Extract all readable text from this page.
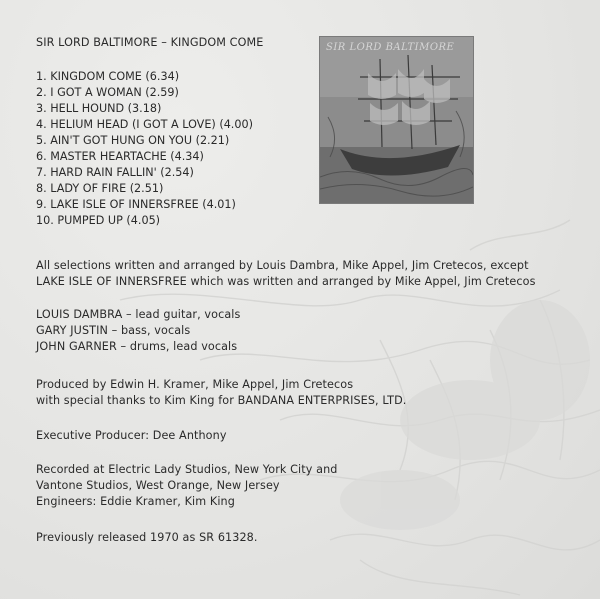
SIR LORD BALTIMORE – KINGDOM COME
1. KINGDOM COME (6.34)
2. I GOT A WOMAN (2.59)
3. HELL HOUND (3.18)
4. HELIUM HEAD (I GOT A LOVE) (4.00)
5. AIN'T GOT HUNG ON YOU (2.21)
6. MASTER HEARTACHE (4.34)
7. HARD RAIN FALLIN' (2.54)
8. LADY OF FIRE (2.51)
9. LAKE ISLE OF INNERSFREE (4.01)
10. PUMPED UP (4.05)
SIR LORD BALTIMORE
All selections written and arranged by Louis Dambra, Mike Appel, Jim Cretecos, except
LAKE ISLE OF INNERSFREE which was written and arranged by Mike Appel, Jim Cretecos
LOUIS DAMBRA – lead guitar, vocals
GARY JUSTIN – bass, vocals
JOHN GARNER – drums, lead vocals
Produced by Edwin H. Kramer, Mike Appel, Jim Cretecos
with special thanks to Kim King for BANDANA ENTERPRISES, LTD.
Executive Producer: Dee Anthony
Recorded at Electric Lady Studios, New York City and
Vantone Studios, West Orange, New Jersey
Engineers: Eddie Kramer, Kim King
Previously released 1970 as SR 61328.
